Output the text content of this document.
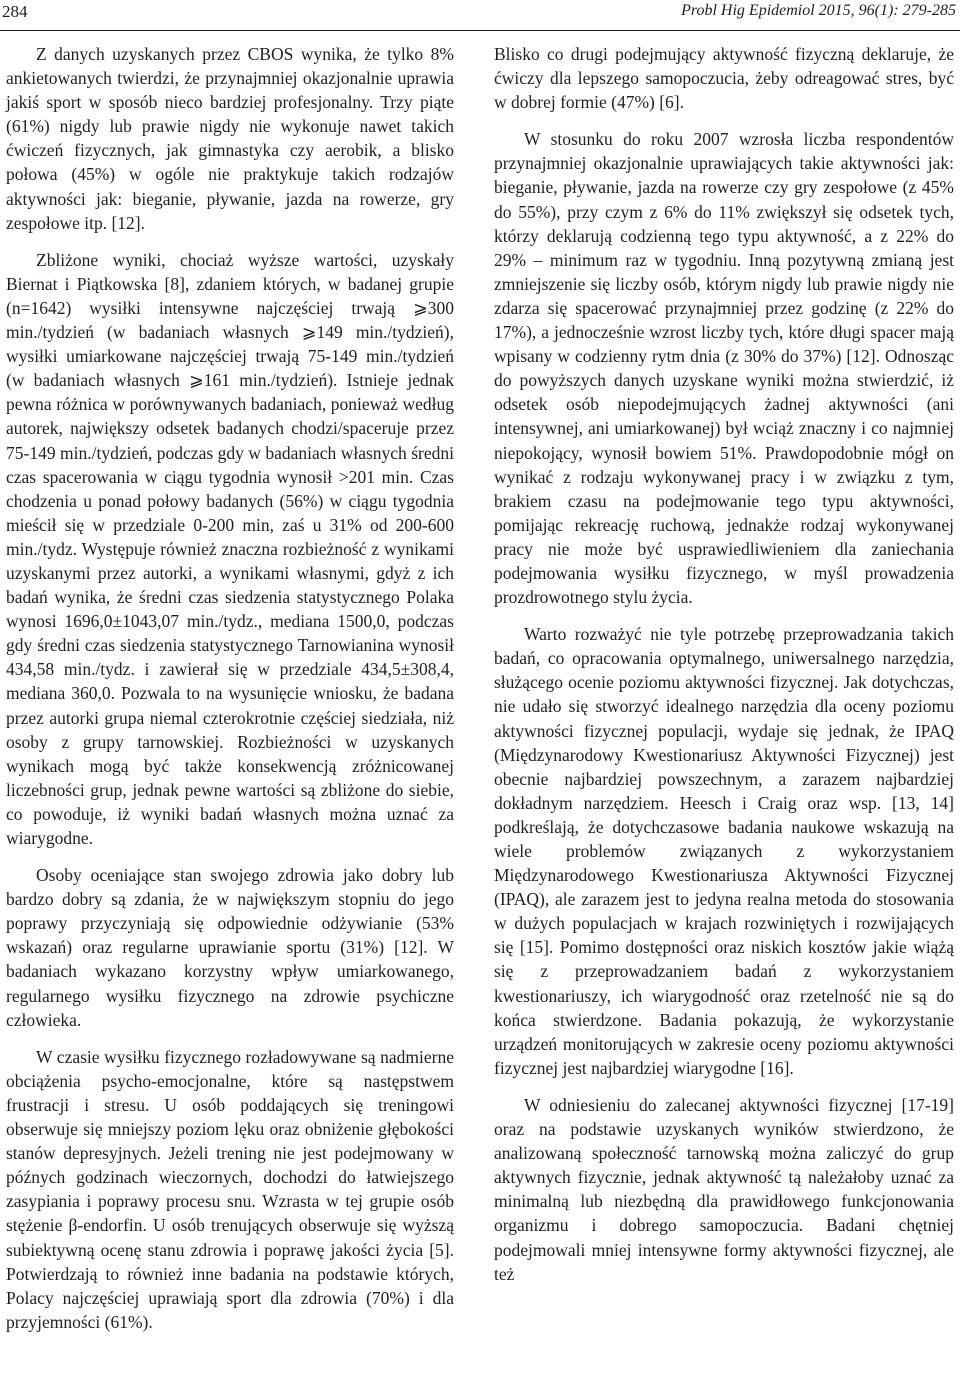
284	Probl Hig Epidemiol 2015, 96(1): 279-285

Z danych uzyskanych przez CBOS wynika, że tylko 8% ankietowanych twierdzi, że przynajmniej okazjonalnie uprawia jakiś sport w sposób nieco bardziej profesjonalny. Trzy piąte (61%) nigdy lub prawie nigdy nie wykonuje nawet takich ćwiczeń fizycznych, jak gimnastyka czy aerobik, a blisko połowa (45%) w ogóle nie praktykuje takich rodzajów aktywności jak: bieganie, pływanie, jazda na rowerze, gry zespołowe itp. [12].

Zbliżone wyniki, chociaż wyższe wartości, uzyskały Biernat i Piątkowska [8], zdaniem których, w badanej grupie (n=1642) wysiłki intensywne najczęściej trwają ⩾300 min./tydzień (w badaniach własnych ⩾149 min./tydzień), wysiłki umiarkowane najczęściej trwają 75-149 min./tydzień (w badaniach własnych ⩾161 min./tydzień). Istnieje jednak pewna różnica w porównywanych badaniach, ponieważ według autorek, największy odsetek badanych chodzi/spaceruje przez 75-149 min./tydzień, podczas gdy w badaniach własnych średni czas spacerowania w ciągu tygodnia wynosił >201 min. Czas chodzenia u ponad połowy badanych (56%) w ciągu tygodnia mieścił się w przedziale 0-200 min, zaś u 31% od 200-600 min./tydz. Występuje również znaczna rozbieżność z wynikami uzyskanymi przez autorki, a wynikami własnymi, gdyż z ich badań wynika, że średni czas siedzenia statystycznego Polaka wynosi 1696,0±1043,07 min./tydz., mediana 1500,0, podczas gdy średni czas siedzenia statystycznego Tarnowianina wynosił 434,58 min./tydz. i zawierał się w przedziale 434,5±308,4, mediana 360,0. Pozwala to na wysunięcie wniosku, że badana przez autorki grupa niemal czterokrotnie częściej siedziała, niż osoby z grupy tarnowskiej. Rozbieżności w uzyskanych wynikach mogą być także konsekwencją zróżnicowanej liczebności grup, jednak pewne wartości są zbliżone do siebie, co powoduje, iż wyniki badań własnych można uznać za wiarygodne.

Osoby oceniające stan swojego zdrowia jako dobry lub bardzo dobry są zdania, że w największym stopniu do jego poprawy przyczyniają się odpowiednie odżywianie (53% wskazań) oraz regularne uprawianie sportu (31%) [12]. W badaniach wykazano korzystny wpływ umiarkowanego, regularnego wysiłku fizycznego na zdrowie psychiczne człowieka.

W czasie wysiłku fizycznego rozładowywane są nadmierne obciążenia psycho-emocjonalne, które są następstwem frustracji i stresu. U osób poddających się treningowi obserwuje się mniejszy poziom lęku oraz obniżenie głębokości stanów depresyjnych. Jeżeli trening nie jest podejmowany w późnych godzinach wieczornych, dochodzi do łatwiejszego zasypiania i poprawy procesu snu. Wzrasta w tej grupie osób stężenie β-endorfin. U osób trenujących obserwuje się wyższą subiektywną ocenę stanu zdrowia i poprawę jakości życia [5]. Potwierdzają to również inne badania na podstawie których, Polacy najczęściej uprawiają sport dla zdrowia (70%) i dla przyjemności (61%).

Blisko co drugi podejmujący aktywność fizyczną deklaruje, że ćwiczy dla lepszego samopoczucia, żeby odreagować stres, być w dobrej formie (47%) [6].

W stosunku do roku 2007 wzrosła liczba respondentów przynajmniej okazjonalnie uprawiających takie aktywności jak: bieganie, pływanie, jazda na rowerze czy gry zespołowe (z 45% do 55%), przy czym z 6% do 11% zwiększył się odsetek tych, którzy deklarują codzienną tego typu aktywność, a z 22% do 29% – minimum raz w tygodniu. Inną pozytywną zmianą jest zmniejszenie się liczby osób, którym nigdy lub prawie nigdy nie zdarza się spacerować przynajmniej przez godzinę (z 22% do 17%), a jednocześnie wzrost liczby tych, które długi spacer mają wpisany w codzienny rytm dnia (z 30% do 37%) [12]. Odnosząc do powyższych danych uzyskane wyniki można stwierdzić, iż odsetek osób niepodejmujących żadnej aktywności (ani intensywnej, ani umiarkowanej) był wciąż znaczny i co najmniej niepokojący, wynosił bowiem 51%. Prawdopodobnie mógł on wynikać z rodzaju wykonywanej pracy i w związku z tym, brakiem czasu na podejmowanie tego typu aktywności, pomijając rekreację ruchową, jednakże rodzaj wykonywanej pracy nie może być usprawiedliwieniem dla zaniechania podejmowania wysiłku fizycznego, w myśl prowadzenia prozdrowotnego stylu życia.

Warto rozważyć nie tyle potrzebę przeprowadzania takich badań, co opracowania optymalnego, uniwersalnego narzędzia, służącego ocenie poziomu aktywności fizycznej. Jak dotychczas, nie udało się stworzyć idealnego narzędzia dla oceny poziomu aktywności fizycznej populacji, wydaje się jednak, że IPAQ (Międzynarodowy Kwestionariusz Aktywności Fizycznej) jest obecnie najbardziej powszechnym, a zarazem najbardziej dokładnym narzędziem. Heesch i Craig oraz wsp. [13, 14] podkreślają, że dotychczasowe badania naukowe wskazują na wiele problemów związanych z wykorzystaniem Międzynarodowego Kwestionariusza Aktywności Fizycznej (IPAQ), ale zarazem jest to jedyna realna metoda do stosowania w dużych populacjach w krajach rozwiniętych i rozwijających się [15]. Pomimo dostępności oraz niskich kosztów jakie wiążą się z przeprowadzaniem badań z wykorzystaniem kwestionariuszy, ich wiarygodność oraz rzetelność nie są do końca stwierdzone. Badania pokazują, że wykorzystanie urządzeń monitorujących w zakresie oceny poziomu aktywności fizycznej jest najbardziej wiarygodne [16].

W odniesieniu do zalecanej aktywności fizycznej [17-19] oraz na podstawie uzyskanych wyników stwierdzono, że analizowaną społeczność tarnowską można zaliczyć do grup aktywnych fizycznie, jednak aktywność tą należałoby uznać za minimalną lub niezbędną dla prawidłowego funkcjonowania organizmu i dobrego samopoczucia. Badani chętniej podejmowali mniej intensywne formy aktywności fizycznej, ale też
